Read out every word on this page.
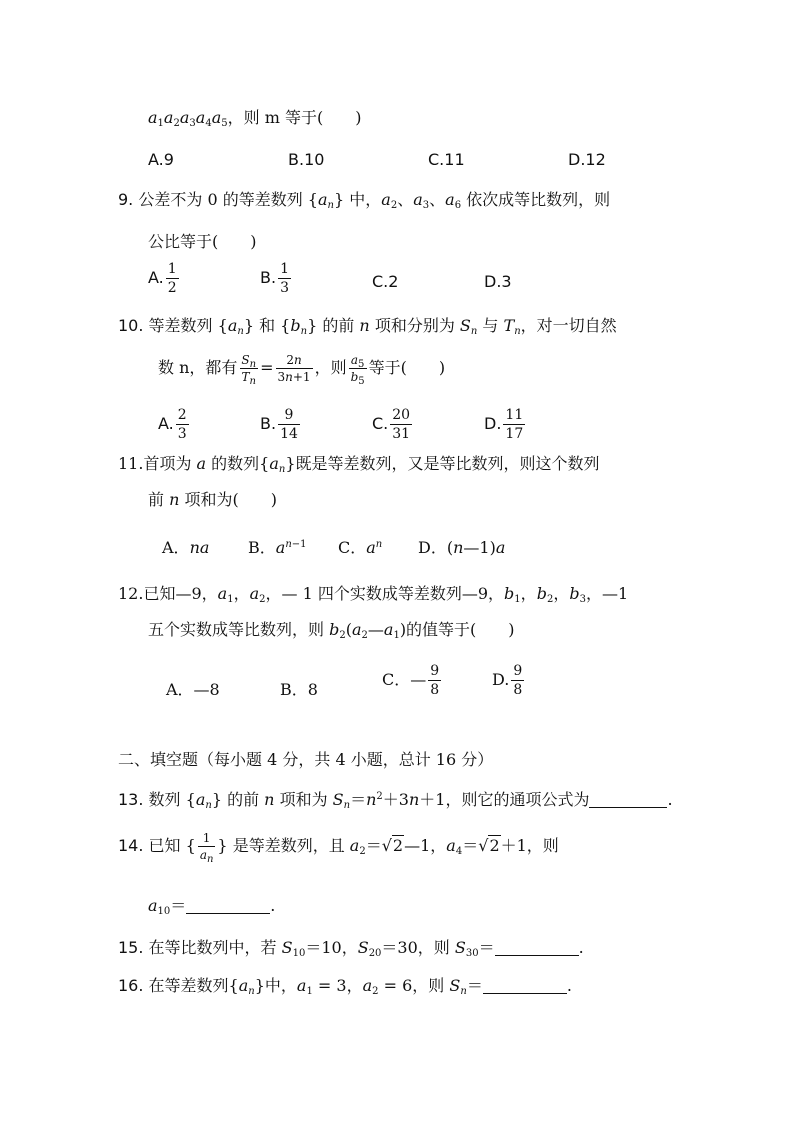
$a_1a_2a_3a_4a_5$，则 m 等于(　　)
A.9	B.10	C.11	D.12
9. 公差不为 0 的等差数列 $\{a_n\}$ 中，$a_2$、$a_3$、$a_6$ 依次成等比数列，则
公比等于(　　)
A. $\frac{1}{2}$	B. $\frac{1}{3}$	C.2	D.3
10. 等差数列 $\{a_n\}$ 和 $\{b_n\}$ 的前 n 项和分别为 $S_n$ 与 $T_n$，对一切自然
数 n，都有 $\frac{S_n}{T_n} = \frac{2n}{3n+1}$ ，则 $\frac{a_5}{b_5}$ 等于(　　)
A. $\frac{2}{3}$	B. $\frac{9}{14}$	C. $\frac{20}{31}$	D. $\frac{11}{17}$
11.首项为 a 的数列$\{a_n\}$既是等差数列，又是等比数列，则这个数列
前 n 项和为(　　)
A．na B．$a^{n-1}$ C．$a^n$ D．(n—1)a
12.已知—9，$a_1$，$a_2$，— 1 四个实数成等差数列—9，$b_1$，$b_2$，$b_3$，—1
五个实数成等比数列，则 $b_2(a_2—a_1)$的值等于(　　)
A．—8	B．8
C．— $\frac{9}{8}$	D. $\frac{9}{8}$
二、填空题（每小题 4 分，共 4 小题，总计 16 分）
13. 数列 $\{a_n\}$ 的前 n 项和为 $S_n=n^2+3n+1$，则它的通项公式为	.
14. 已知 { $\frac{1}{a_n}$ } 是等差数列，且 $a_2=√2—1$，$a_4=√2+1$，则
$a_{10}=$	.
15. 在等比数列中，若 $S_{10}=10$，$S_{20}=30$，则 $S_{30}=$	.
16. 在等差数列$\{a_n\}$中，$a_1 = 3$，$a_2 = 6$，则 $S_n=$	.
